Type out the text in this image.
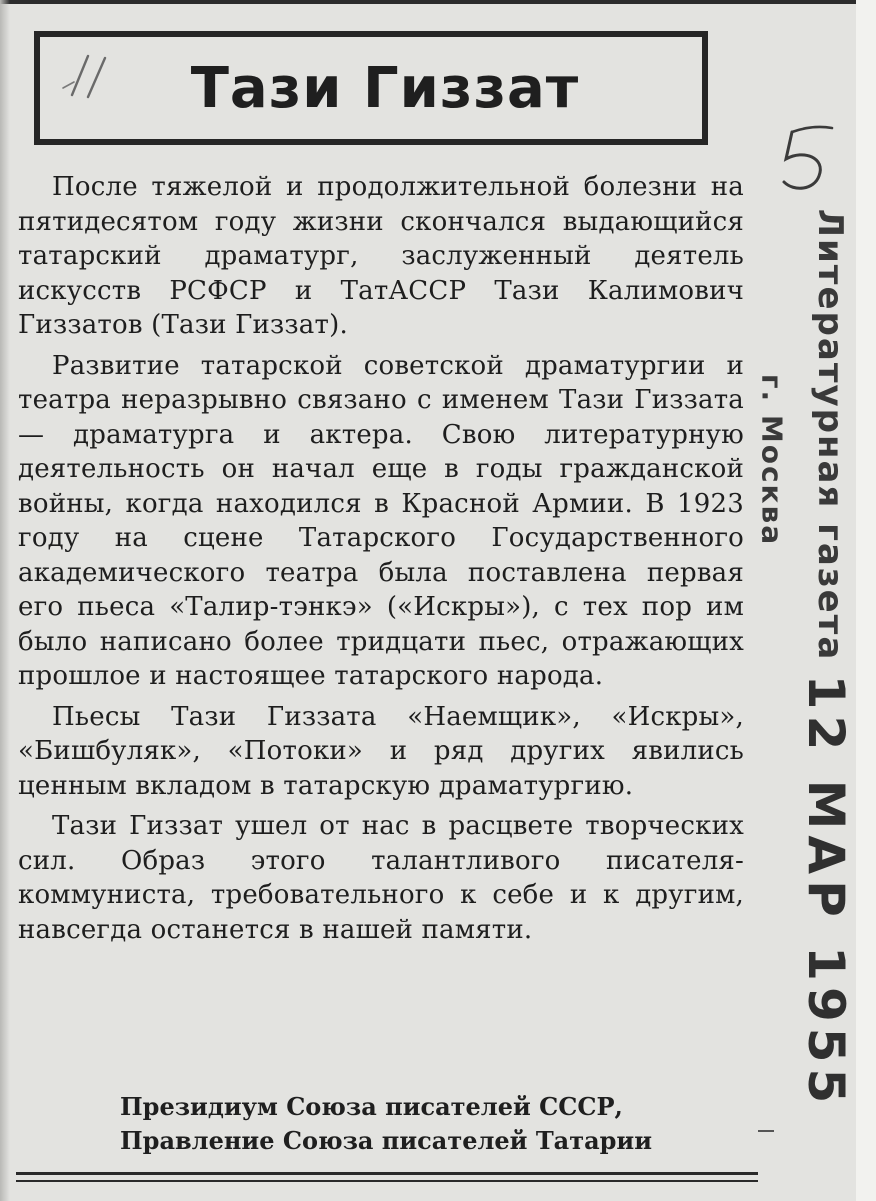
Тази Гиззат

После тяжелой и продолжительной болезни на пятидесятом году жизни скончался выдающийся татарский драматург, заслуженный деятель искусств РСФСР и ТатАССР Тази Калимович Гиззатов (Тази Гиззат).

Развитие татарской советской драматургии и театра неразрывно связано с именем Тази Гиззата — драматурга и актера. Свою литературную деятельность он начал еще в годы гражданской войны, когда находился в Красной Армии. В 1923 году на сцене Татарского Государственного академического театра была поставлена первая его пьеса «Талир-тэнкэ» («Искры»), с тех пор им было написано более тридцати пьес, отражающих прошлое и настоящее татарского народа.

Пьесы Тази Гиззата «Наемщик», «Искры», «Бишбуляк», «Потоки» и ряд других явились ценным вкладом в татарскую драматургию.

Тази Гиззат ушел от нас в расцвете творческих сил. Образ этого талантливого писателя-коммуниста, требовательного к себе и к другим, навсегда останется в нашей памяти.

Президиум Союза писателей СССР,
Правление Союза писателей Татарии
Литературная газета
г. Москва
12 МАР 1955
